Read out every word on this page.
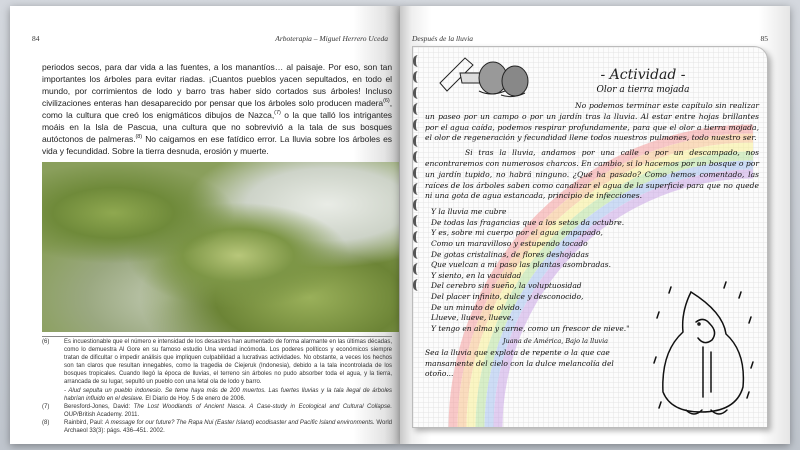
84	Arboterapia – Miguel Herrero Uceda
periodos secos, para dar vida a las fuentes, a los manantíos… al paisaje. Por eso, son tan importantes los árboles para evitar riadas. ¡Cuantos pueblos yacen sepultados, en todo el mundo, por corrimientos de lodo y barro tras haber sido cortados sus árboles! Incluso civilizaciones enteras han desaparecido por pensar que los árboles solo producen madera$^{(6)}$, como la cultura que creó los enigmáticos dibujos de Nazca,$^{(7)}$ o la que talló los intrigantes moáis en la Isla de Pascua, una cultura que no sobrevivió a la tala de sus bosques autóctonos de palmeras.$^{(8)}$ No caigamos en ese fatídico error. La lluvia sobre los árboles es vida y fecundidad. Sobre la tierra desnuda, erosión y muerte.
(6)	Es incuestionable que el número e intensidad de los desastres han aumentado de forma alarmante en las últimas décadas, como lo demuestra Al Gore en su famoso estudio Una verdad incómoda. Los poderes políticos y económicos siempre tratan de dificultar o impedir análisis que impliquen culpabilidad a lucrativas actividades. No obstante, a veces los hechos son tan claros que resultan innegables, como la tragedia de Ciejeruk (Indonesia), debido a la tala incontrolada de los bosques tropicales. Cuando llegó la época de lluvias, el terreno sin árboles no pudo absorber toda el agua, y la tierra, arrancada de su lugar, sepultó un pueblo con una letal ola de lodo y barro.
- Alud sepulta un pueblo indonesio. Se teme haya más de 200 muertos. Las fuertes lluvias y la tala ilegal de árboles habrían influido en el deslave. El Diario de Hoy. 5 de enero de 2006.
(7)	Beresford-Jones, David: The Lost Woodlands of Ancient Nasca. A Case-study in Ecological and Cultural Collapse. OUP/British Academy. 2011.
(8)	Rainbird, Paul: A message for our future? The Rapa Nui (Easter Island) ecodisaster and Pacific Island environments. World Archaeol 33(3): págs. 436–451. 2002.
Después de la lluvia	85
- Actividad -
Olor a tierra mojada

No podemos terminar este capítulo sin realizar un paseo por un campo o por un jardín tras la lluvia. Al estar entre hojas brillantes por el agua caída, podemos respirar profundamente, para que el olor a tierra mojada, el olor de regeneración y fecundidad llene todos nuestros pulmones, todo nuestro ser.

Si tras la lluvia, andamos por una calle o por un descampado, nos encontraremos con numerosos charcos. En cambio, si lo hacemos por un bosque o por un jardín tupido, no habrá ninguno. ¿Qué ha pasado? Como hemos comentado, las raíces de los árboles saben como canalizar el agua de la superficie para que no quede ni una gota de agua estancada, principio de infecciones.

Y la lluvia me cubre
De todas las fragancias que a los setos da octubre.
Y es, sobre mi cuerpo por el agua empapado,
Como un maravilloso y estupendo tocado
De gotas cristalinas, de flores deshojadas
Que vuelcan a mi paso las plantas asombradas.
Y siento, en la vacuidad
Del cerebro sin sueño, la voluptuosidad
Del placer infinito, dulce y desconocido,
De un minuto de olvido.
Llueve, llueve, llueve,
Y tengo en alma y carne, como un frescor de nieve."
Juana de América, Bajo la lluvia
Sea la lluvia que explota de repente o la que cae mansamente del cielo con la dulce melancolía del otoño...
